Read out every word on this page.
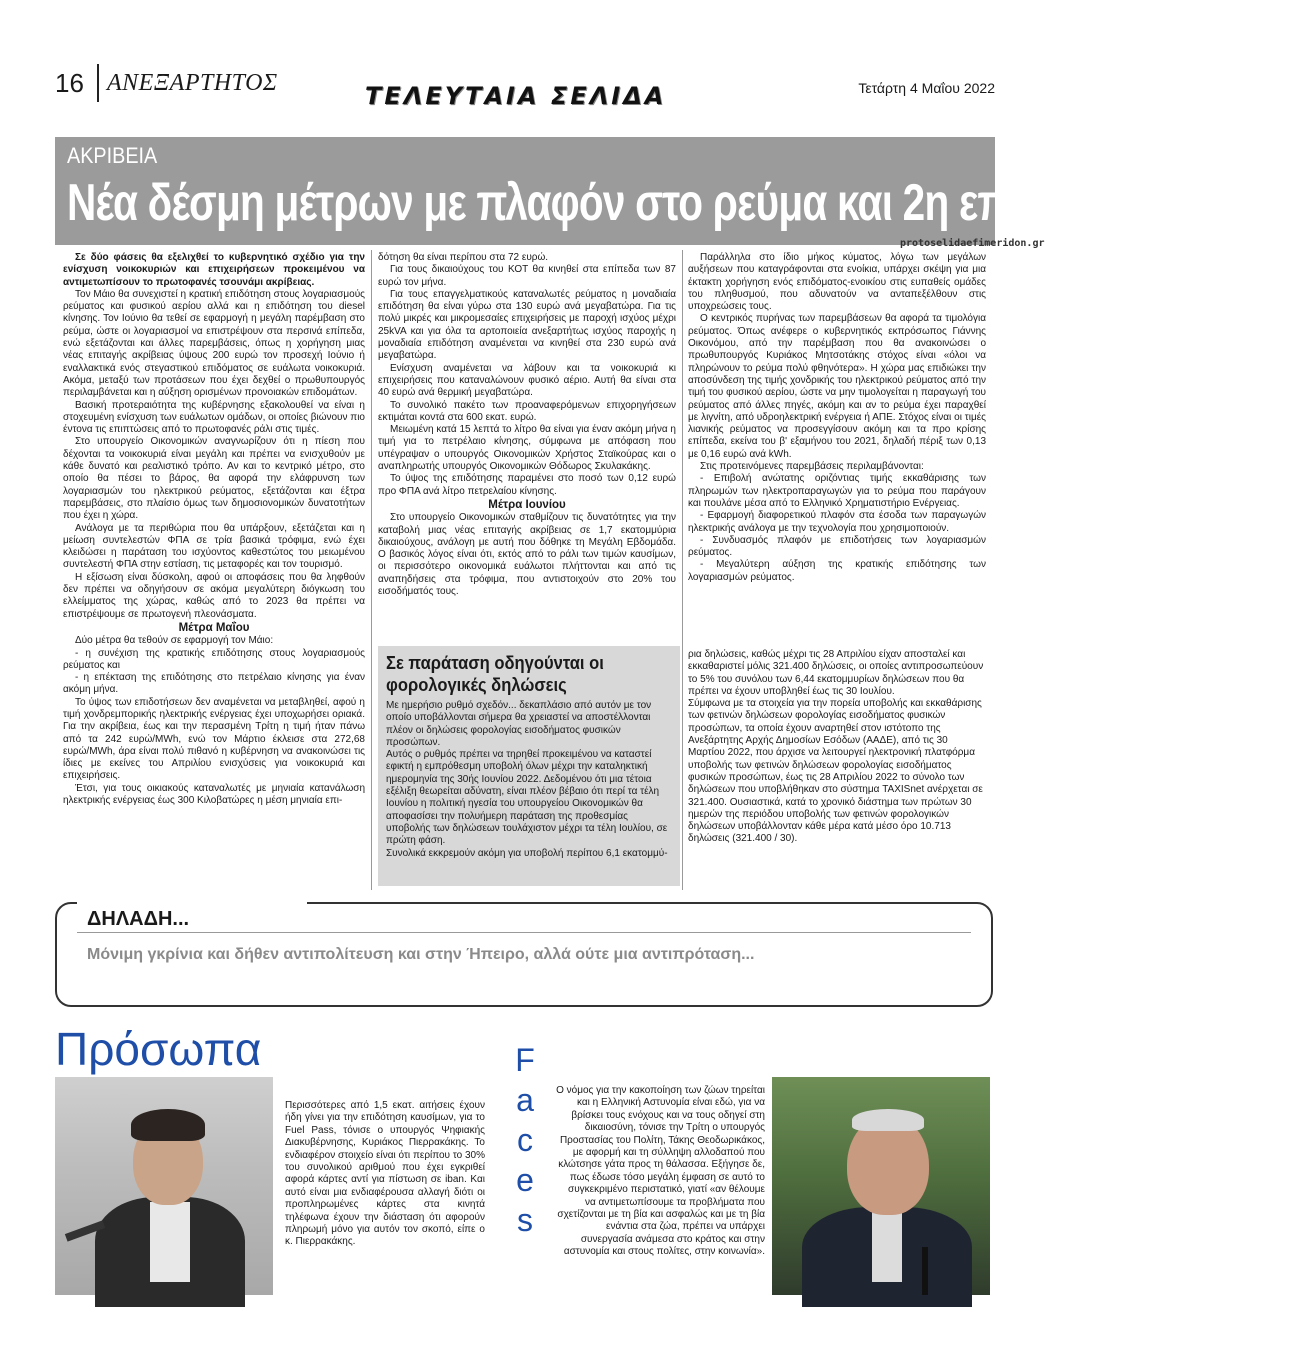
16 ΑΝΕΞΑΡΤΗΤΟΣ	ΤΕΛΕΥΤΑΙΑ ΣΕΛΙΔΑ	Τετάρτη 4 Μαΐου 2022
ΑΚΡΙΒΕΙΑ
Νέα δέσμη μέτρων με πλαφόν στο ρεύμα και 2η επιταγή ακρίβειας
protoselidaefimeridon.gr

Σε δύο φάσεις θα εξελιχθεί το κυβερνητικό σχέδιο για την ενίσχυση νοικοκυριών και επιχειρήσεων προκειμένου να αντιμετωπίσουν το πρωτοφανές τσουνάμι ακρίβειας.

Τον Μάιο θα συνεχιστεί η κρατική επιδότηση στους λογαριασμούς ρεύματος και φυσικού αερίου αλλά και η επιδότηση του diesel κίνησης. Τον Ιούνιο θα τεθεί σε εφαρμογή η μεγάλη παρέμβαση στο ρεύμα, ώστε οι λογαριασμοί να επιστρέψουν στα περσινά επίπεδα, ενώ εξετάζονται και άλλες παρεμβάσεις, όπως η χορήγηση μιας νέας επιταγής ακρίβειας ύψους 200 ευρώ τον προσεχή Ιούνιο ή εναλλακτικά ενός στεγαστικού επιδόματος σε ευάλωτα νοικοκυριά. Ακόμα, μεταξύ των προτάσεων που έχει δεχθεί ο πρωθυπουργός περιλαμβάνεται και η αύξηση ορισμένων προνοιακών επιδομάτων.

Βασική προτεραιότητα της κυβέρνησης εξακολουθεί να είναι η στοχευμένη ενίσχυση των ευάλωτων ομάδων, οι οποίες βιώνουν πιο έντονα τις επιπτώσεις από το πρωτοφανές ράλι στις τιμές.

Στο υπουργείο Οικονομικών αναγνωρίζουν ότι η πίεση που δέχονται τα νοικοκυριά είναι μεγάλη και πρέπει να ενισχυθούν με κάθε δυνατό και ρεαλιστικό τρόπο. Αν και το κεντρικό μέτρο, στο οποίο θα πέσει το βάρος, θα αφορά την ελάφρυνση των λογαριασμών του ηλεκτρικού ρεύματος, εξετάζονται και έξτρα παρεμβάσεις, στο πλαίσιο όμως των δημοσιονομικών δυνατοτήτων που έχει η χώρα.

Ανάλογα με τα περιθώρια που θα υπάρξουν, εξετάζεται και η μείωση συντελεστών ΦΠΑ σε τρία βασικά τρόφιμα, ενώ έχει κλειδώσει η παράταση του ισχύοντος καθεστώτος του μειωμένου συντελεστή ΦΠΑ στην εστίαση, τις μεταφορές και τον τουρισμό.

Η εξίσωση είναι δύσκολη, αφού οι αποφάσεις που θα ληφθούν δεν πρέπει να οδηγήσουν σε ακόμα μεγαλύτερη διόγκωση του ελλείμματος της χώρας, καθώς από το 2023 θα πρέπει να επιστρέψουμε σε πρωτογενή πλεονάσματα.

Μέτρα Μαΐου

Δύο μέτρα θα τεθούν σε εφαρμογή τον Μάιο:

- η συνέχιση της κρατικής επιδότησης στους λογαριασμούς ρεύματος και

- η επέκταση της επιδότησης στο πετρέλαιο κίνησης για έναν ακόμη μήνα.

Το ύψος των επιδοτήσεων δεν αναμένεται να μεταβληθεί, αφού η τιμή χονδρεμπορικής ηλεκτρικής ενέργειας έχει υποχωρήσει οριακά. Για την ακρίβεια, έως και την περασμένη Τρίτη η τιμή ήταν πάνω από τα 242 ευρώ/MWh, ενώ τον Μάρτιο έκλεισε στα 272,68 ευρώ/MWh, άρα είναι πολύ πιθανό η κυβέρνηση να ανακοινώσει τις ίδιες με εκείνες του Απριλίου ενισχύσεις για νοικοκυριά και επιχειρήσεις.

Έτσι, για τους οικιακούς καταναλωτές με μηνιαία κατανάλωση ηλεκτρικής ενέργειας έως 300 Κιλοβατώρες η μέση μηνιαία επι-

δότηση θα είναι περίπου στα 72 ευρώ.

Για τους δικαιούχους του ΚΟΤ θα κινηθεί στα επίπεδα των 87 ευρώ τον μήνα.

Για τους επαγγελματικούς καταναλωτές ρεύματος η μοναδιαία επιδότηση θα είναι γύρω στα 130 ευρώ ανά μεγαβατώρα. Για τις πολύ μικρές και μικρομεσαίες επιχειρήσεις με παροχή ισχύος μέχρι 25kVA και για όλα τα αρτοποιεία ανεξαρτήτως ισχύος παροχής η μοναδιαία επιδότηση αναμένεται να κινηθεί στα 230 ευρώ ανά μεγαβατώρα.

Ενίσχυση αναμένεται να λάβουν και τα νοικοκυριά κι επιχειρήσεις που καταναλώνουν φυσικό αέριο. Αυτή θα είναι στα 40 ευρώ ανά θερμική μεγαβατώρα.

Το συνολικό πακέτο των προαναφερόμενων επιχορηγήσεων εκτιμάται κοντά στα 600 εκατ. ευρώ.

Μειωμένη κατά 15 λεπτά το λίτρο θα είναι για έναν ακόμη μήνα η τιμή για το πετρέλαιο κίνησης, σύμφωνα με απόφαση που υπέγραψαν ο υπουργός Οικονομικών Χρήστος Σταϊκούρας και ο αναπληρωτής υπουργός Οικονομικών Θόδωρος Σκυλακάκης.

Το ύψος της επιδότησης παραμένει στο ποσό των 0,12 ευρώ προ ΦΠΑ ανά λίτρο πετρελαίου κίνησης.

Μέτρα Ιουνίου

Στο υπουργείο Οικονομικών σταθμίζουν τις δυνατότητες για την καταβολή μιας νέας επιταγής ακρίβειας σε 1,7 εκατομμύρια δικαιούχους, ανάλογη με αυτή που δόθηκε τη Μεγάλη Εβδομάδα. Ο βασικός λόγος είναι ότι, εκτός από το ράλι των τιμών καυσίμων, οι περισσότερο οικονομικά ευάλωτοι πλήττονται και από τις αναπηδήσεις στα τρόφιμα, που αντιστοιχούν στο 20% του εισοδήματός τους.

Παράλληλα στο ίδιο μήκος κύματος, λόγω των μεγάλων αυξήσεων που καταγράφονται στα ενοίκια, υπάρχει σκέψη για μια έκτακτη χορήγηση ενός επιδόματος-ενοικίου στις ευπαθείς ομάδες του πληθυσμού, που αδυνατούν να ανταπεξέλθουν στις υποχρεώσεις τους.

Ο κεντρικός πυρήνας των παρεμβάσεων θα αφορά τα τιμολόγια ρεύματος. Όπως ανέφερε ο κυβερνητικός εκπρόσωπος Γιάννης Οικονόμου, από την παρέμβαση που θα ανακοινώσει ο πρωθυπουργός Κυριάκος Μητσοτάκης στόχος είναι «όλοι να πληρώνουν το ρεύμα πολύ φθηνότερα». Η χώρα μας επιδιώκει την αποσύνδεση της τιμής χονδρικής του ηλεκτρικού ρεύματος από την τιμή του φυσικού αερίου, ώστε να μην τιμολογείται η παραγωγή του ρεύματος από άλλες πηγές, ακόμη και αν το ρεύμα έχει παραχθεί με λιγνίτη, από υδροηλεκτρική ενέργεια ή ΑΠΕ. Στόχος είναι οι τιμές λιανικής ρεύματος να προσεγγίσουν ακόμη και τα προ κρίσης επίπεδα, εκείνα του β' εξαμήνου του 2021, δηλαδή πέριξ των 0,13 με 0,16 ευρώ ανά kWh.

Στις προτεινόμενες παρεμβάσεις περιλαμβάνονται:

- Επιβολή ανώτατης οριζόντιας τιμής εκκαθάρισης των πληρωμών των ηλεκτροπαραγωγών για το ρεύμα που παράγουν και πουλάνε μέσα από το Ελληνικό Χρηματιστήριο Ενέργειας.

- Εφαρμογή διαφορετικού πλαφόν στα έσοδα των παραγωγών ηλεκτρικής ανάλογα με την τεχνολογία που χρησιμοποιούν.

- Συνδυασμός πλαφόν με επιδοτήσεις των λογαριασμών ρεύματος.

- Μεγαλύτερη αύξηση της κρατικής επιδότησης των λογαριασμών ρεύματος.

Σε παράταση οδηγούνται οι φορολογικές δηλώσεις
Με ημερήσιο ρυθμό σχεδόν... δεκαπλάσιο από αυτόν με τον οποίο υποβάλλονται σήμερα θα χρειαστεί να αποστέλλονται πλέον οι δηλώσεις φορολογίας εισοδήματος φυσικών προσώπων.
Αυτός ο ρυθμός πρέπει να τηρηθεί προκειμένου να καταστεί εφικτή η εμπρόθεσμη υποβολή όλων μέχρι την καταληκτική ημερομηνία της 30ής Ιουνίου 2022. Δεδομένου ότι μια τέτοια εξέλιξη θεωρείται αδύνατη, είναι πλέον βέβαιο ότι περί τα τέλη Ιουνίου η πολιτική ηγεσία του υπουργείου Οικονομικών θα αποφασίσει την πολυήμερη παράταση της προθεσμίας υποβολής των δηλώσεων τουλάχιστον μέχρι τα τέλη Ιουλίου, σε πρώτη φάση.
Συνολικά εκκρεμούν ακόμη για υποβολή περίπου 6,1 εκατομμύ-
ρια δηλώσεις, καθώς μέχρι τις 28 Απριλίου είχαν αποσταλεί και εκκαθαριστεί μόλις 321.400 δηλώσεις, οι οποίες αντιπροσωπεύουν το 5% του συνόλου των 6,44 εκατομμυρίων δηλώσεων που θα πρέπει να έχουν υποβληθεί έως τις 30 Ιουλίου.
Σύμφωνα με τα στοιχεία για την πορεία υποβολής και εκκαθάρισης των φετινών δηλώσεων φορολογίας εισοδήματος φυσικών προσώπων, τα οποία έχουν αναρτηθεί στον ιστότοπο της Ανεξάρτητης Αρχής Δημοσίων Εσόδων (ΑΑΔΕ), από τις 30 Μαρτίου 2022, που άρχισε να λειτουργεί ηλεκτρονική πλατφόρμα υποβολής των φετινών δηλώσεων φορολογίας εισοδήματος φυσικών προσώπων, έως τις 28 Απριλίου 2022 το σύνολο των δηλώσεων που υποβλήθηκαν στο σύστημα TAXISnet ανέρχεται σε 321.400. Ουσιαστικά, κατά το χρονικό διάστημα των πρώτων 30 ημερών της περιόδου υποβολής των φετινών φορολογικών δηλώσεων υποβάλλονταν κάθε μέρα κατά μέσο όρο 10.713 δηλώσεις (321.400 / 30).
ΔΗΛΑΔΗ...
Μόνιμη γκρίνια και δήθεν αντιπολίτευση και στην Ήπειρο, αλλά ούτε μια αντιπρόταση...
Πρόσωπα
Περισσότερες από 1,5 εκατ. αιτήσεις έχουν ήδη γίνει για την επιδότηση καυσίμων, για το Fuel Pass, τόνισε ο υπουργός Ψηφιακής Διακυβέρνησης, Κυριάκος Πιερρακάκης. Το ενδιαφέρον στοιχείο είναι ότι περίπου το 30% του συνολικού αριθμού που έχει εγκριθεί αφορά κάρτες αντί για πίστωση σε iban. Και αυτό είναι μια ενδιαφέρουσα αλλαγή διότι οι προπληρωμένες κάρτες στα κινητά τηλέφωνα έχουν την διάσταση ότι αφορούν πληρωμή μόνο για αυτόν τον σκοπό, είπε ο κ. Πιερρακάκης.
F
a
c
e
s
Ο νόμος για την κακοποίηση των ζώων τηρείται και η Ελληνική Αστυνομία είναι εδώ, για να βρίσκει τους ενόχους και να τους οδηγεί στη δικαιοσύνη, τόνισε την Τρίτη ο υπουργός Προστασίας του Πολίτη, Τάκης Θεοδωρικάκος, με αφορμή και τη σύλληψη αλλοδαπού που κλώτσησε γάτα προς τη θάλασσα. Εξήγησε δε, πως έδωσε τόσο μεγάλη έμφαση σε αυτό το συγκεκριμένο περιστατικό, γιατί «αν θέλουμε να αντιμετωπίσουμε τα προβλήματα που σχετίζονται με τη βία και ασφαλώς και με τη βία ενάντια στα ζώα, πρέπει να υπάρχει συνεργασία ανάμεσα στο κράτος και στην αστυνομία και στους πολίτες, στην κοινωνία».
